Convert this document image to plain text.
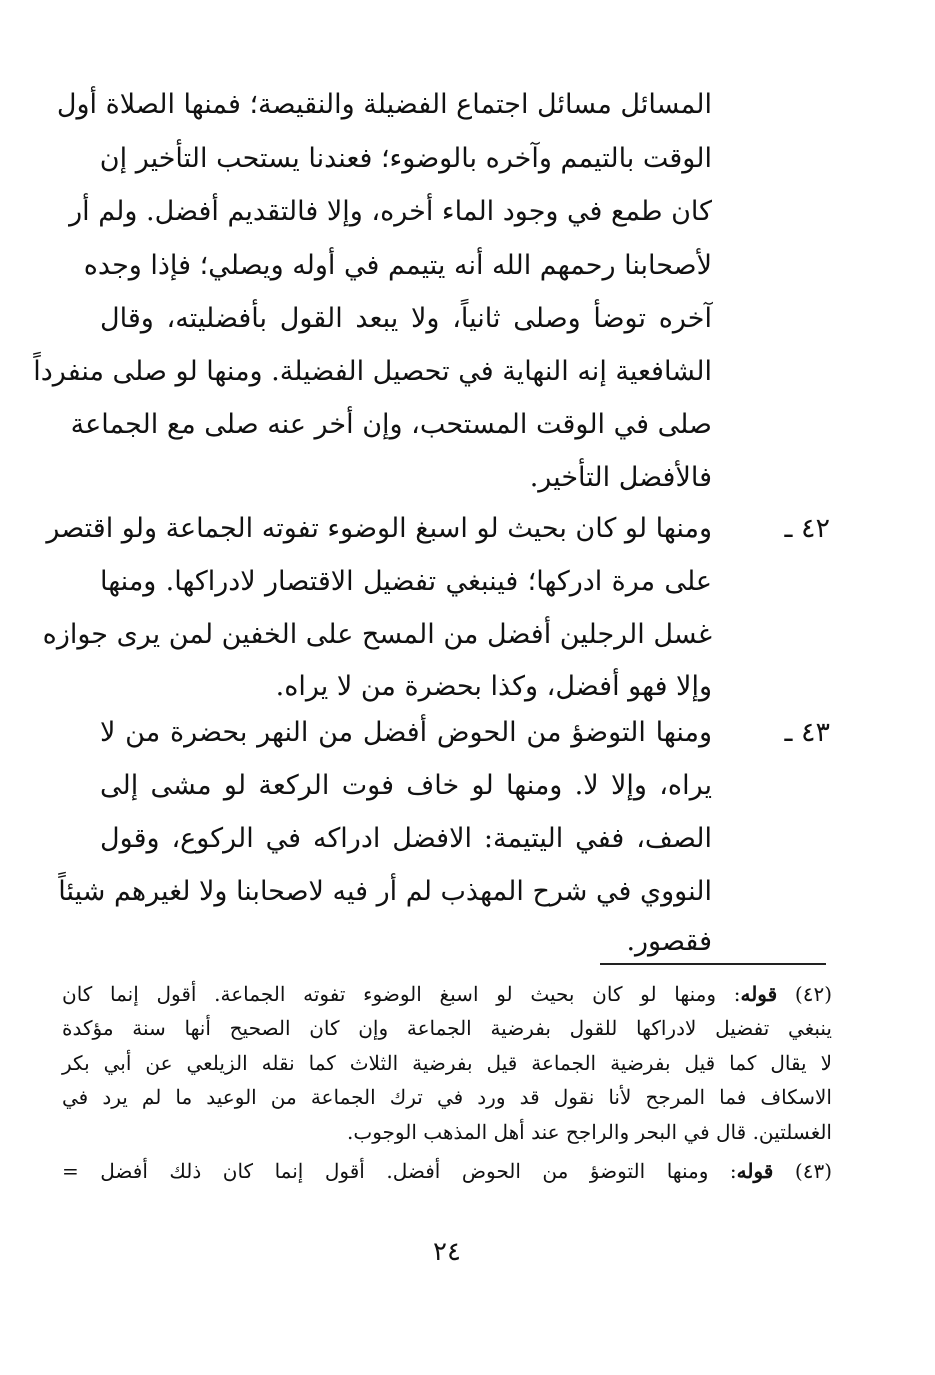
المسائل مسائل اجتماع الفضيلة والنقيصة؛ فمنها الصلاة أول
الوقت بالتيمم وآخره بالوضوء؛ فعندنا يستحب التأخير إن
كان طمع في وجود الماء أخره، وإلا فالتقديم أفضل. ولم أر
لأصحابنا رحمهم الله أنه يتيمم في أوله ويصلي؛ فإذا وجده
آخره توضأ وصلى ثانياً، ولا يبعد القول بأفضليته، وقال
الشافعية إنه النهاية في تحصيل الفضيلة. ومنها لو صلى منفرداً
صلى في الوقت المستحب، وإن أخر عنه صلى مع الجماعة
فالأفضل التأخير.
٤٢ ـ
ومنها لو كان بحيث لو اسبغ الوضوء تفوته الجماعة ولو اقتصر
على مرة ادركها؛ فينبغي تفضيل الاقتصار لادراكها. ومنها
غسل الرجلين أفضل من المسح على الخفين لمن يرى جوازه
وإلا فهو أفضل، وكذا بحضرة من لا يراه.
٤٣ ـ
ومنها التوضؤ من الحوض أفضل من النهر بحضرة من لا
يراه، وإلا لا. ومنها لو خاف فوت الركعة لو مشى إلى
الصف، ففي اليتيمة: الافضل ادراكه في الركوع، وقول
النووي في شرح المهذب لم أر فيه لاصحابنا ولا لغيرهم شيئاً
فقصور.
(٤٢) قوله: ومنها لو كان بحيث لو اسبغ الوضوء تفوته الجماعة. أقول إنما كان
ينبغي تفضيل لادراكها للقول بفرضية الجماعة وإن كان الصحيح أنها سنة مؤكدة
لا يقال كما قيل بفرضية الجماعة قيل بفرضية الثلاث كما نقله الزيلعي عن أبي بكر
الاسكاف فما المرجح لأنا نقول قد ورد في ترك الجماعة من الوعيد ما لم يرد في
الغسلتين. قال في البحر والراجح عند أهل المذهب الوجوب.
(٤٣) قوله: ومنها التوضؤ من الحوض أفضل. أقول إنما كان ذلك أفضل =
٢٤
